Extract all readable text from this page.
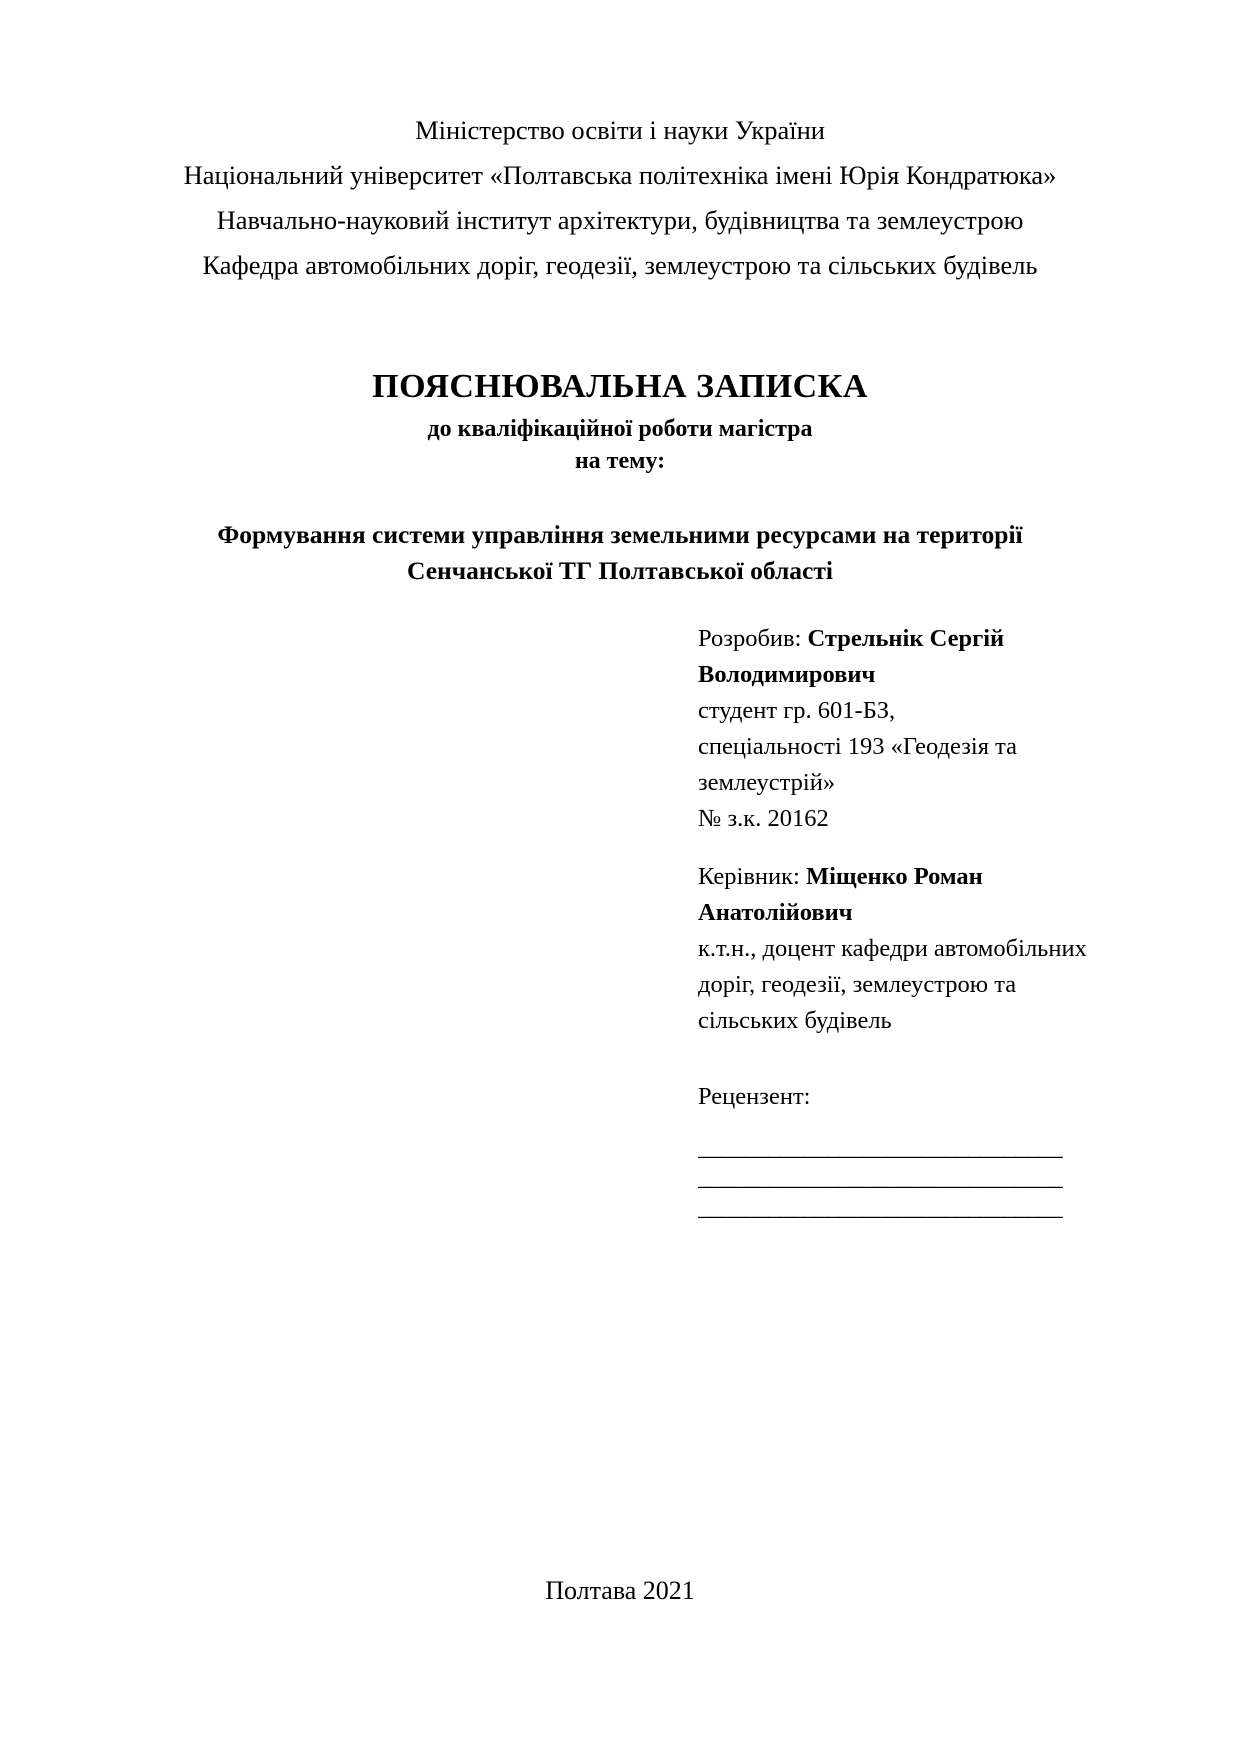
Міністерство освіти і науки України
Національний університет «Полтавська політехніка імені Юрія Кондратюка»
Навчально-науковий інститут архітектури, будівництва та землеустрою
Кафедра автомобільних доріг, геодезії, землеустрою та сільських будівель
ПОЯСНЮВАЛЬНА ЗАПИСКА
до кваліфікаційної роботи магістра
на тему:
Формування системи управління земельними ресурсами на території Сенчанської ТГ Полтавської області
Розробив: Стрельнік Сергій
Володимирович
студент гр. 601-БЗ,
спеціальності 193 «Геодезія та
землеустрій»
№ з.к. 20162
Керівник: Міщенко Роман
Анатолійович
к.т.н., доцент кафедри автомобільних
доріг, геодезії, землеустрою та
сільських будівель
Рецензент:
_______________________________
_______________________________
_______________________________
Полтава 2021
